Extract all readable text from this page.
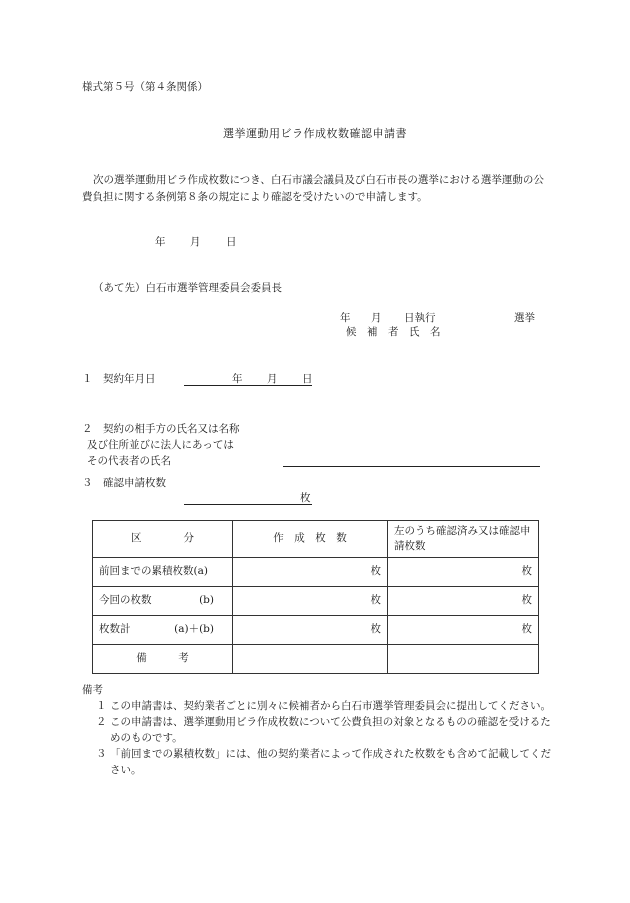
様式第５号（第４条関係）
選挙運動用ビラ作成枚数確認申請書

次の選挙運動用ビラ作成枚数につき、白石市議会議員及び白石市長の選挙における選挙運動の公費負担に関する条例第８条の規定により確認を受けたいので申請します。

年 月 日
（あて先）白石市選挙管理委員会委員長
年 月 日執行	選挙
候　補　者　氏　名
１　契約年月日	年 月 日
２　契約の相手方の氏名又は名称
及び住所並びに法人にあっては
その代表者の氏名
３　確認申請枚数
枚
区　　　　分	作　成　枚　数	左のうち確認済み又は確認申請枚数
前回までの累積枚数(a)	枚	枚
今回の枚数 (b)	枚	枚
枚数計 (a)＋(b)	枚	枚
備　　　考		
備考

１ この申請書は、契約業者ごとに別々に候補者から白石市選挙管理委員会に提出してください。

２ この申請書は、選挙運動用ビラ作成枚数について公費負担の対象となるものの確認を受けるためのものです。

３ 「前回までの累積枚数」には、他の契約業者によって作成された枚数をも含めて記載してください。
